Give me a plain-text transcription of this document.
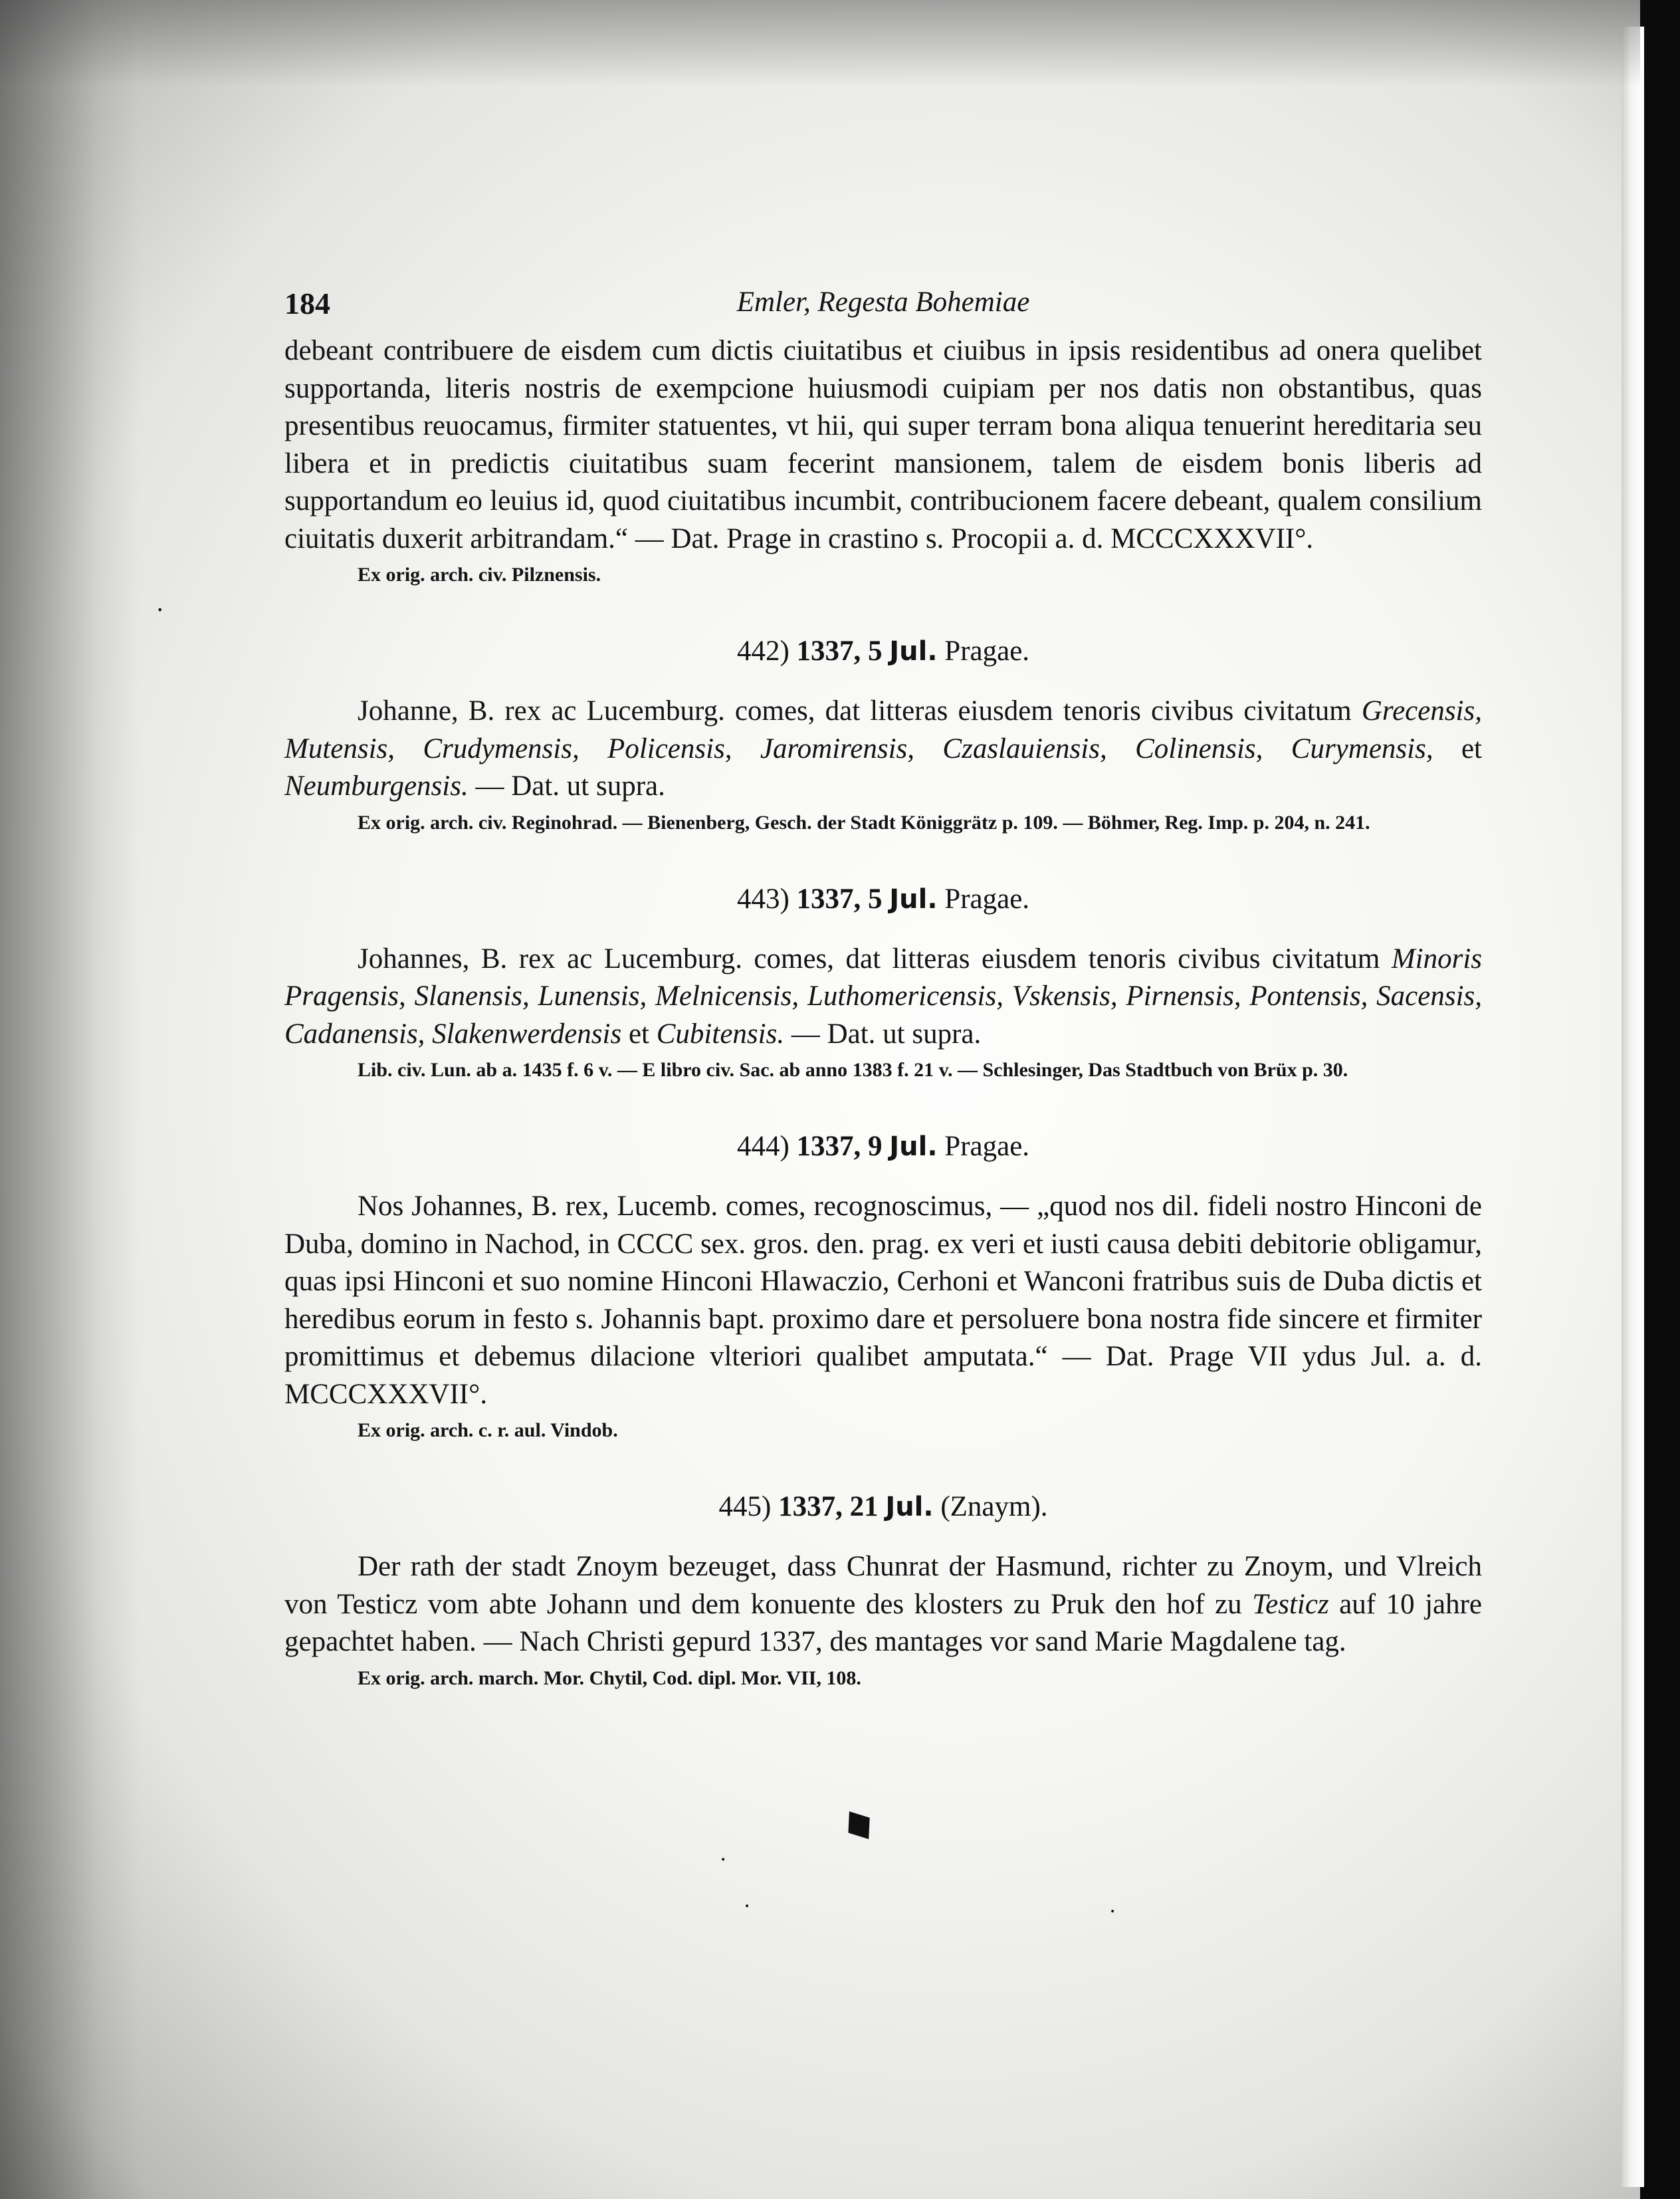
184	Emler, Regesta Bohemiae

debeant contribuere de eisdem cum dictis ciuitatibus et ciuibus in ipsis residentibus ad onera quelibet supportanda, literis nostris de exempcione huiusmodi cuipiam per nos datis non obstantibus, quas presentibus reuocamus, firmiter statuentes, vt hii, qui super terram bona aliqua tenuerint hereditaria seu libera et in predictis ciuitatibus suam fecerint mansionem, talem de eisdem bonis liberis ad supportandum eo leuius id, quod ciuitatibus incumbit, contribucionem facere debeant, qualem consilium ciuitatis duxerit arbitrandam.“ — Dat. Prage in crastino s. Procopii a. d. MCCCXXXVII°.

Ex orig. arch. civ. Pilznensis.
442) 1337, 5 Jul. Pragae.

Johanne, B. rex ac Lucemburg. comes, dat litteras eiusdem tenoris civibus civitatum Grecensis, Mutensis, Crudymensis, Policensis, Jaromirensis, Czaslauiensis, Colinensis, Curymensis, et Neumburgensis. — Dat. ut supra.

Ex orig. arch. civ. Reginohrad. — Bienenberg, Gesch. der Stadt Königgrätz p. 109. — Böhmer, Reg. Imp. p. 204, n. 241.
443) 1337, 5 Jul. Pragae.

Johannes, B. rex ac Lucemburg. comes, dat litteras eiusdem tenoris civibus civitatum Minoris Pragensis, Slanensis, Lunensis, Melnicensis, Luthomericensis, Vskensis, Pirnensis, Pontensis, Sacensis, Cadanensis, Slakenwerdensis et Cubitensis. — Dat. ut supra.

Lib. civ. Lun. ab a. 1435 f. 6 v. — E libro civ. Sac. ab anno 1383 f. 21 v. — Schlesinger, Das Stadtbuch von Brüx p. 30.
444) 1337, 9 Jul. Pragae.

Nos Johannes, B. rex, Lucemb. comes, recognoscimus, — „quod nos dil. fideli nostro Hinconi de Duba, domino in Nachod, in CCCC sex. gros. den. prag. ex veri et iusti causa debiti debitorie obligamur, quas ipsi Hinconi et suo nomine Hinconi Hlawaczio, Cerhoni et Wanconi fratribus suis de Duba dictis et heredibus eorum in festo s. Johannis bapt. proximo dare et persoluere bona nostra fide sincere et firmiter promittimus et debemus dilacione vlteriori qualibet amputata.“ — Dat. Prage VII ydus Jul. a. d. MCCCXXXVII°.

Ex orig. arch. c. r. aul. Vindob.
445) 1337, 21 Jul. (Znaym).

Der rath der stadt Znoym bezeuget, dass Chunrat der Hasmund, richter zu Znoym, und Vlreich von Testicz vom abte Johann und dem konuente des klosters zu Pruk den hof zu Testicz auf 10 jahre gepachtet haben. — Nach Christi gepurd 1337, des mantages vor sand Marie Magdalene tag.

Ex orig. arch. march. Mor. Chytil, Cod. dipl. Mor. VII, 108.
♦
•
•	•
•
